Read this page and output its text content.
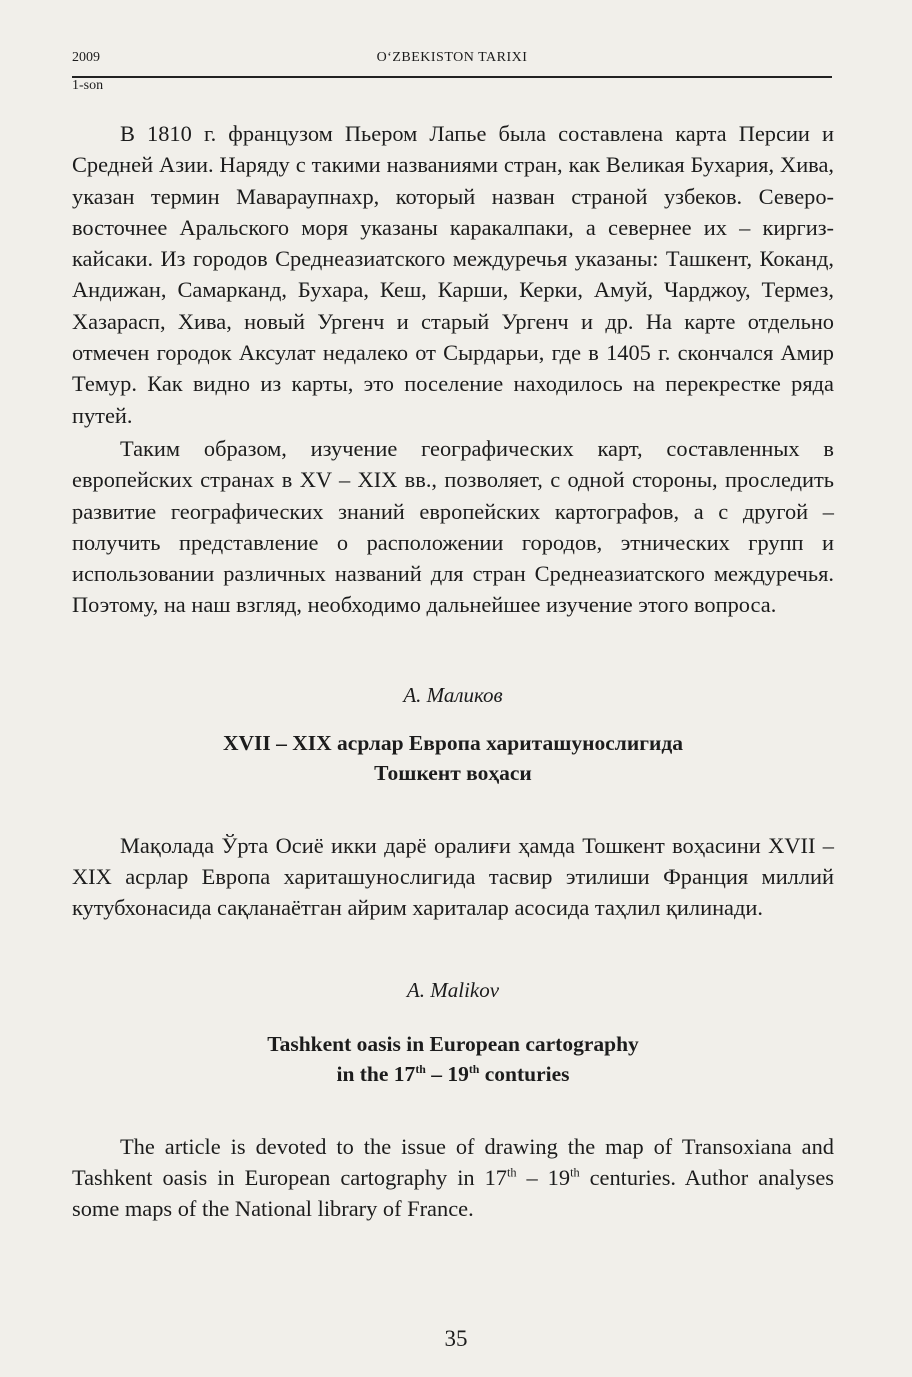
2009	O‘ZBEKISTON TARIXI
1-son

В 1810 г. французом Пьером Лапье была составлена карта Персии и Средней Азии. Наряду с такими названиями стран, как Великая Бухария, Хива, указан термин Мавараупнахр, который назван страной узбеков. Северо-восточнее Аральского моря указаны каракалпаки, а севернее их – киргиз-кайсаки. Из городов Среднеазиатского междуречья указаны: Ташкент, Коканд, Андижан, Самарканд, Бухара, Кеш, Карши, Керки, Амуй, Чарджоу, Термез, Хазарасп, Хива, новый Ургенч и старый Ургенч и др. На карте отдельно отмечен городок Аксулат недалеко от Сырдарьи, где в 1405 г. скончался Амир Темур. Как видно из карты, это поселение находилось на перекрестке ряда путей.

Таким образом, изучение географических карт, составленных в европейских странах в XV – XIX вв., позволяет, с одной стороны, проследить развитие географических знаний европейских картографов, а с другой – получить представление о расположении городов, этнических групп и использовании различных названий для стран Среднеазиатского междуречья. Поэтому, на наш взгляд, необходимо дальнейшее изучение этого вопроса.

А. Маликов

XVII – XIX асрлар Европа хариташунослигида

Тошкент воҳаси

Мақолада Ўрта Осиё икки дарё оралиғи ҳамда Тошкент воҳасини XVII – XIX асрлар Европа хариташунослигида тасвир этилиши Франция миллий кутубхонасида сақланаётган айрим хариталар асосида таҳлил қилинади.

A. Malikov

Tashkent oasis in European cartography

in the 17th – 19th conturies

The article is devoted to the issue of drawing the map of Transoxiana and Tashkent oasis in European cartography in 17th – 19th centuries. Author analyses some maps of the National library of France.

35
